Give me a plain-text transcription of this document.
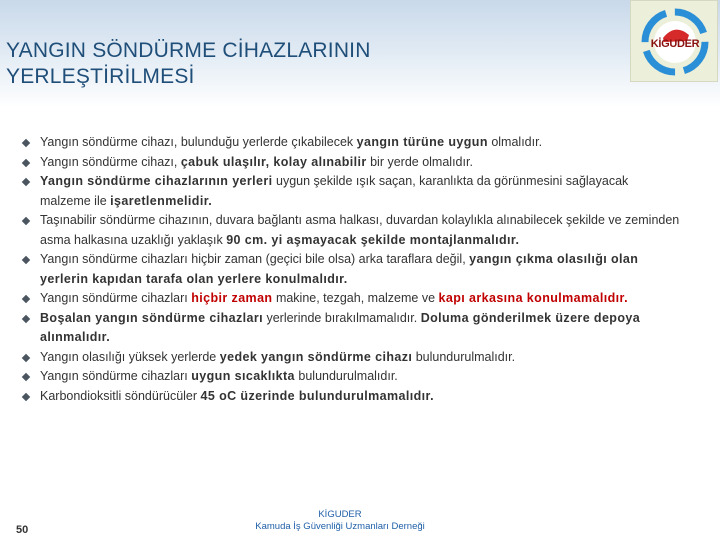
YANGIN SÖNDÜRME CİHAZLARININ
YERLEŞTİRİLMESİ
KİGUDER
Yangın söndürme cihazı, bulunduğu yerlerde çıkabilecek yangın türüne uygun olmalıdır.
Yangın söndürme cihazı, çabuk ulaşılır, kolay alınabilir bir yerde olmalıdır.
Yangın söndürme cihazlarının yerleri uygun şekilde ışık saçan, karanlıkta da görünmesini sağlayacak malzeme ile işaretlenmelidir.
Taşınabilir söndürme cihazının, duvara bağlantı asma halkası, duvardan kolaylıkla alınabilecek şekilde ve zeminden asma halkasına uzaklığı yaklaşık 90 cm. yi aşmayacak şekilde montajlanmalıdır.
Yangın söndürme cihazları hiçbir zaman (geçici bile olsa) arka taraflara değil, yangın çıkma olasılığı olan yerlerin kapıdan tarafa olan yerlere konulmalıdır.
Yangın söndürme cihazları hiçbir zaman makine, tezgah, malzeme ve kapı arkasına konulmamalıdır.
Boşalan yangın söndürme cihazları yerlerinde bırakılmamalıdır. Doluma gönderilmek üzere depoya alınmalıdır.
Yangın olasılığı yüksek yerlerde yedek yangın söndürme cihazı bulundurulmalıdır.
Yangın söndürme cihazları uygun sıcaklıkta bulundurulmalıdır.
Karbondioksitli söndürücüler 45 oC üzerinde bulundurulmamalıdır.
50
KİGUDER
Kamuda İş Güvenliği Uzmanları Derneği
